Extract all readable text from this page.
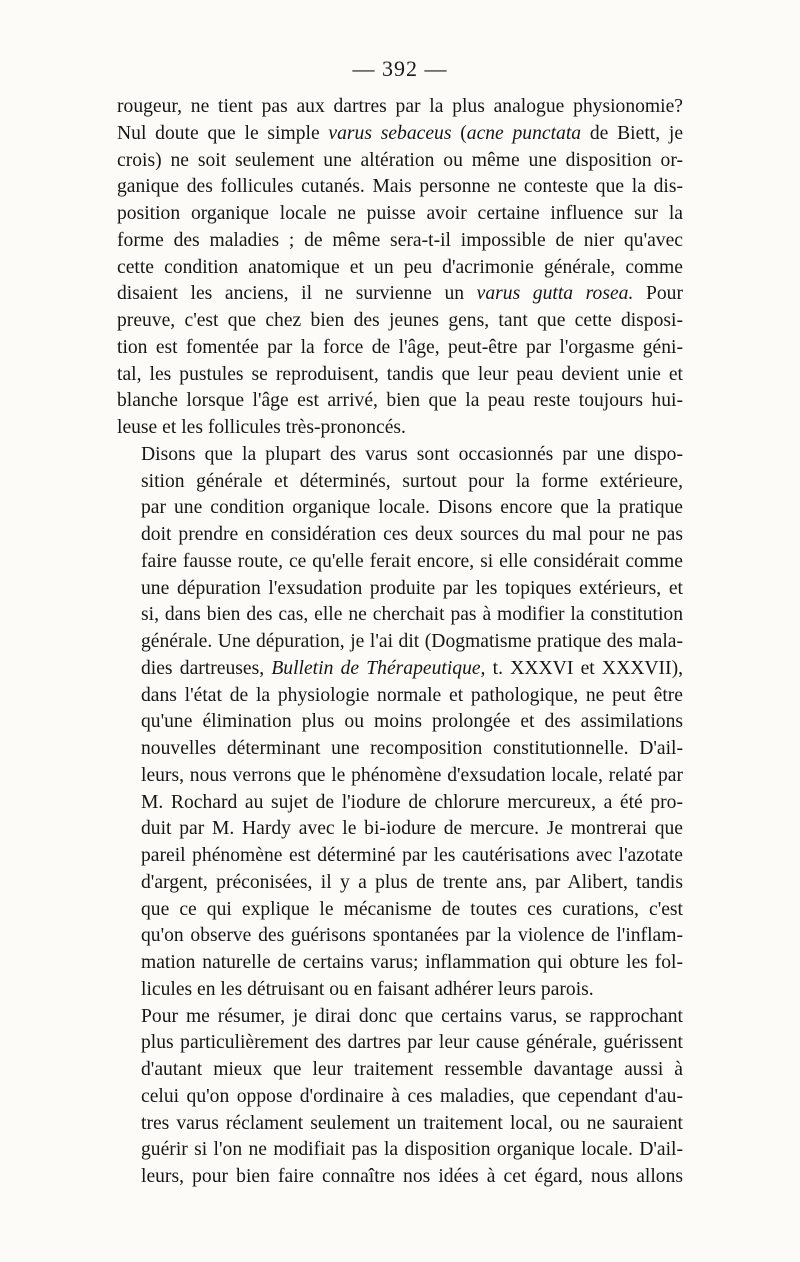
— 392 —

rougeur, ne tient pas aux dartres par la plus analogue physionomie?
Nul doute que le simple varus sebaceus (acne punctata de Biett, je
crois) ne soit seulement une altération ou même une disposition or-
ganique des follicules cutanés. Mais personne ne conteste que la dis-
position organique locale ne puisse avoir certaine influence sur la
forme des maladies ; de même sera-t-il impossible de nier qu'avec
cette condition anatomique et un peu d'acrimonie générale, comme
disaient les anciens, il ne survienne un varus gutta rosea. Pour
preuve, c'est que chez bien des jeunes gens, tant que cette disposi-
tion est fomentée par la force de l'âge, peut-être par l'orgasme géni-
tal, les pustules se reproduisent, tandis que leur peau devient unie et
blanche lorsque l'âge est arrivé, bien que la peau reste toujours hui-
leuse et les follicules très-prononcés.

Disons que la plupart des varus sont occasionnés par une dispo-
sition générale et déterminés, surtout pour la forme extérieure,
par une condition organique locale. Disons encore que la pratique
doit prendre en considération ces deux sources du mal pour ne pas
faire fausse route, ce qu'elle ferait encore, si elle considérait comme
une dépuration l'exsudation produite par les topiques extérieurs, et
si, dans bien des cas, elle ne cherchait pas à modifier la constitution
générale. Une dépuration, je l'ai dit (Dogmatisme pratique des mala-
dies dartreuses, Bulletin de Thérapeutique, t. XXXVI et XXXVII),
dans l'état de la physiologie normale et pathologique, ne peut être
qu'une élimination plus ou moins prolongée et des assimilations
nouvelles déterminant une recomposition constitutionnelle. D'ail-
leurs, nous verrons que le phénomène d'exsudation locale, relaté par
M. Rochard au sujet de l'iodure de chlorure mercureux, a été pro-
duit par M. Hardy avec le bi-iodure de mercure. Je montrerai que
pareil phénomène est déterminé par les cautérisations avec l'azotate
d'argent, préconisées, il y a plus de trente ans, par Alibert, tandis
que ce qui explique le mécanisme de toutes ces curations, c'est
qu'on observe des guérisons spontanées par la violence de l'inflam-
mation naturelle de certains varus; inflammation qui obture les fol-
licules en les détruisant ou en faisant adhérer leurs parois.

Pour me résumer, je dirai donc que certains varus, se rapprochant
plus particulièrement des dartres par leur cause générale, guérissent
d'autant mieux que leur traitement ressemble davantage aussi à
celui qu'on oppose d'ordinaire à ces maladies, que cependant d'au-
tres varus réclament seulement un traitement local, ou ne sauraient
guérir si l'on ne modifiait pas la disposition organique locale. D'ail-
leurs, pour bien faire connaître nos idées à cet égard, nous allons
